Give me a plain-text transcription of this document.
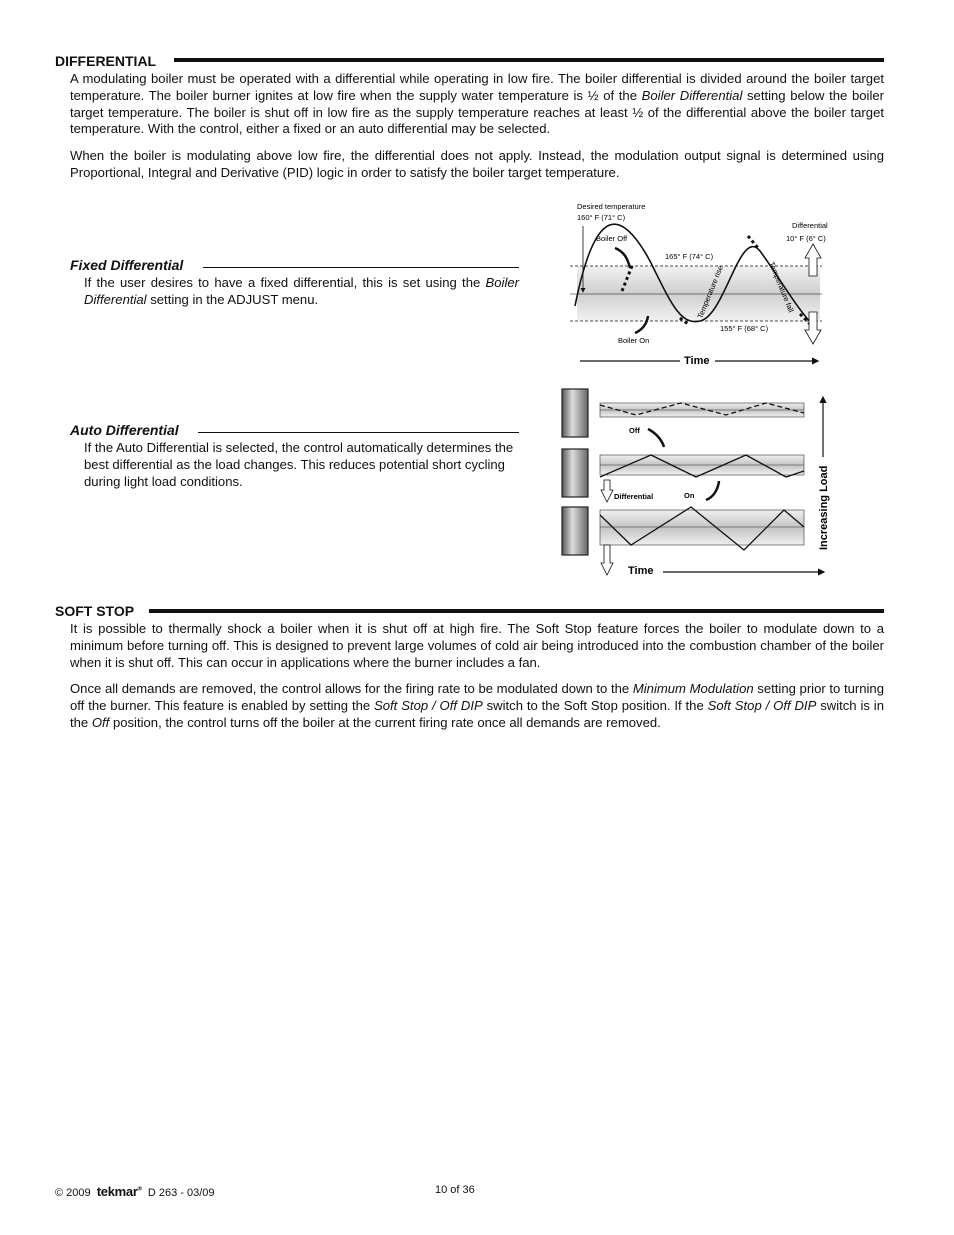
DIFFERENTIAL
A modulating boiler must be operated with a differential while operating in low fire. The boiler differential is divided around the boiler target temperature. The boiler burner ignites at low fire when the supply water temperature is ½ of the Boiler Differential setting below the boiler target temperature. The boiler is shut off in low fire as the supply temperature reaches at least ½ of the differential above the boiler target temperature. With the control, either a fixed or an auto differential may be selected.
When the boiler is modulating above low fire, the differential does not apply. Instead, the modulation output signal is determined using Proportional, Integral and Derivative (PID) logic in order to satisfy the boiler target temperature.
Fixed Differential
If the user desires to have a fixed differential, this is set using the Boiler Differential setting in the ADJUST menu.
Auto Differential
If the Auto Differential is selected, the control automatically determines the best differential as the load changes. This reduces potential short cycling during light load conditions.
Desired temperature
160° F (71° C)
Boiler Off
Boiler On
165° F (74° C)
155° F (68° C)
Differential
10° F (6° C)
Temperature rise	Temperature fall
Time
Increasing Load
Time
Off
On
Differential
SOFT STOP
It is possible to thermally shock a boiler when it is shut off at high fire. The Soft Stop feature forces the boiler to modulate down to a minimum before turning off. This is designed to prevent large volumes of cold air being introduced into the combustion chamber of the boiler when it is shut off. This can occur in applications where the burner includes a fan.
Once all demands are removed, the control allows for the firing rate to be modulated down to the Minimum Modulation setting prior to turning off the burner. This feature is enabled by setting the Soft Stop / Off DIP switch to the Soft Stop position. If the Soft Stop / Off DIP switch is in the Off position, the control turns off the boiler at the current firing rate once all demands are removed.
© 2009 tekmar® D 263 - 03/09	10 of 36
